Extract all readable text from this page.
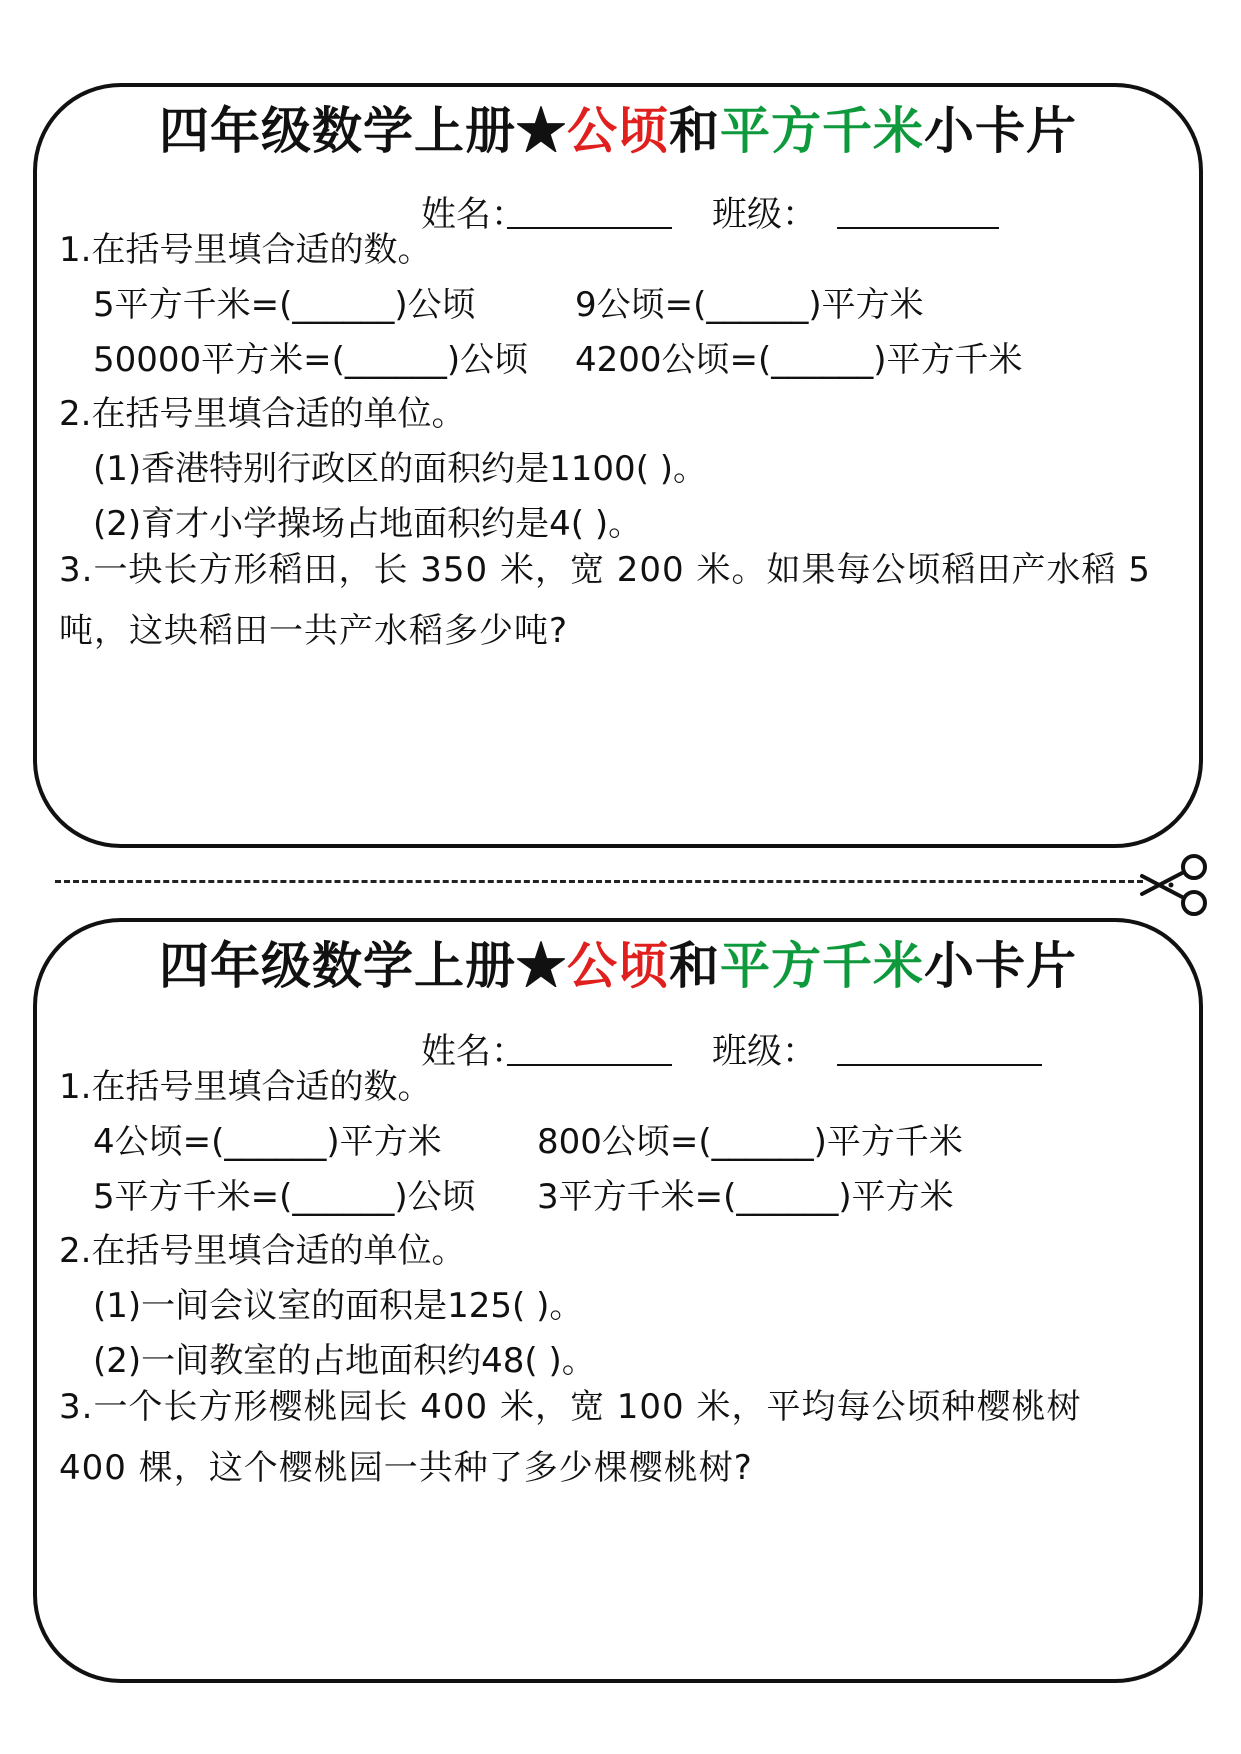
四年级数学上册★公顷和平方千米小卡片
姓名：	班级：
1.在括号里填合适的数。
5平方千米=(______)公顷	9公顷=(______)平方米
50000平方米=(______)公顷 4200公顷=(______)平方千米
2.在括号里填合适的单位。
(1)香港特别行政区的面积约是1100( )。
(2)育才小学操场占地面积约是4( )。
3.一块长方形稻田，长 350 米，宽 200 米。如果每公顷稻田产水稻 5 吨，这块稻田一共产水稻多少吨?
四年级数学上册★公顷和平方千米小卡片
姓名：	班级：
1.在括号里填合适的数。
4公顷=(______)平方米	800公顷=(______)平方千米
5平方千米=(______)公顷 3平方千米=(______)平方米
2.在括号里填合适的单位。
(1)一间会议室的面积是125( )。
(2)一间教室的占地面积约48( )。
3.一个长方形樱桃园长 400 米，宽 100 米，平均每公顷种樱桃树 400 棵，这个樱桃园一共种了多少棵樱桃树?
